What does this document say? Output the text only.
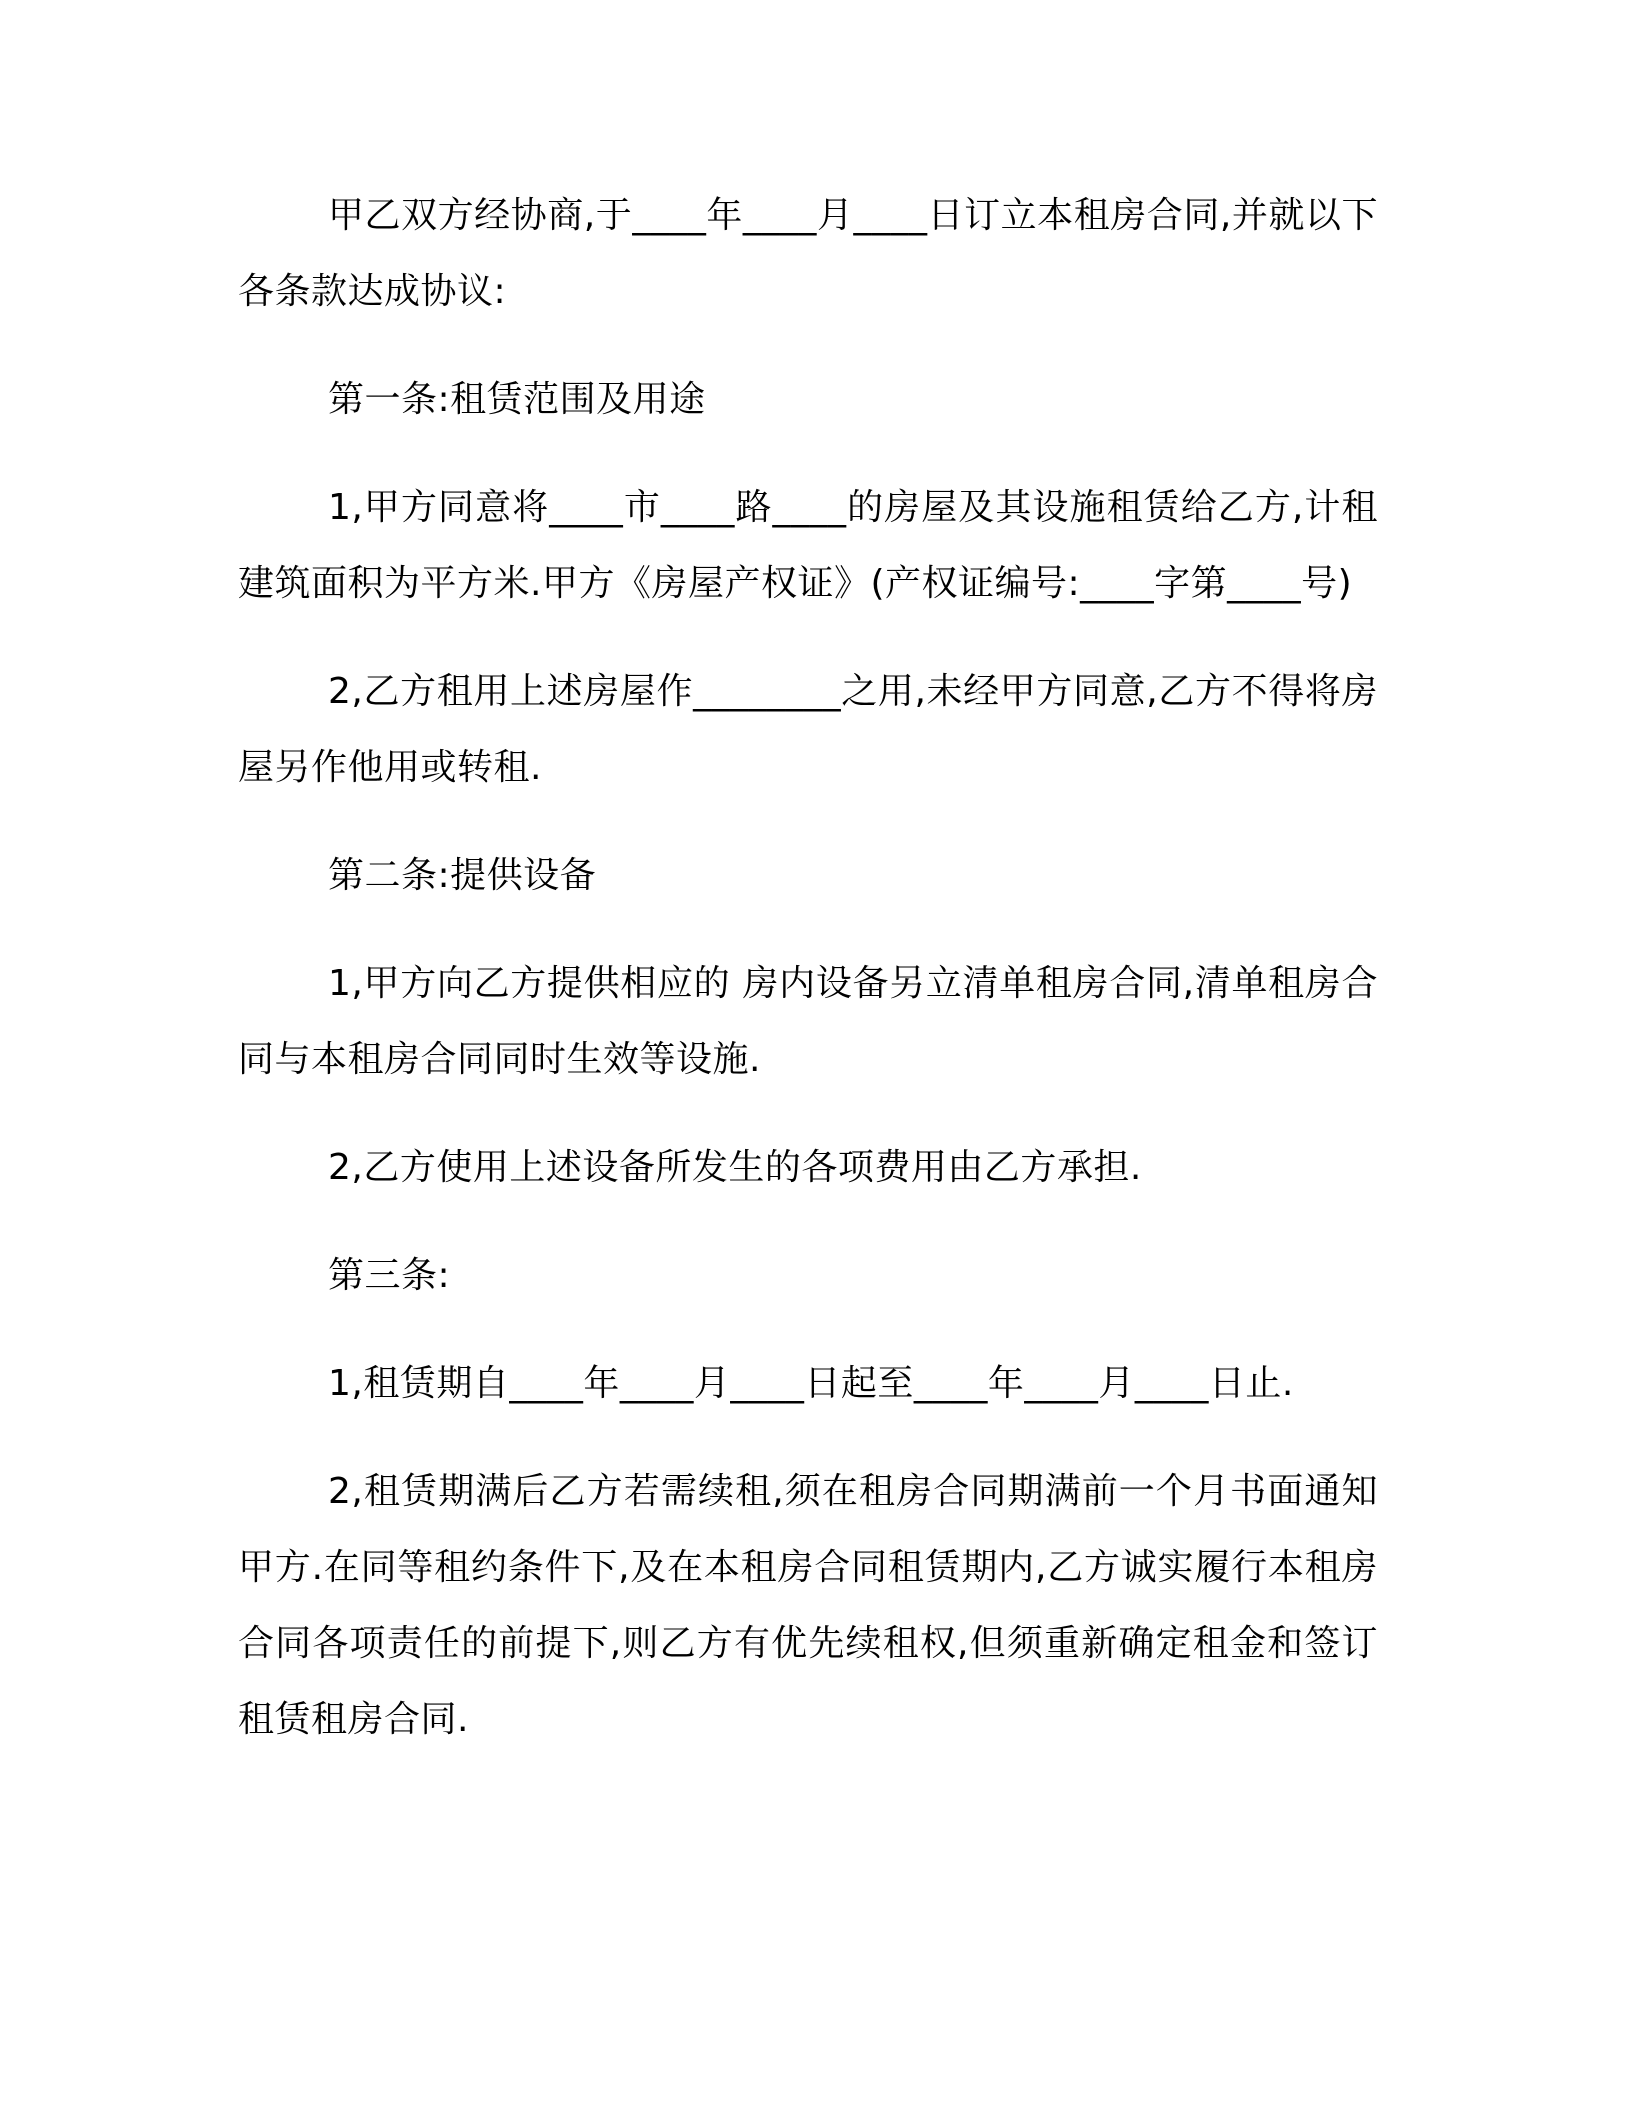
甲乙双方经协商,于____年____月____日订立本租房合同,并就以下各条款达成协议:

第一条:租赁范围及用途

1,甲方同意将____市____路____的房屋及其设施租赁给乙方,计租建筑面积为平方米.甲方《房屋产权证》(产权证编号:____字第____号)

2,乙方租用上述房屋作________之用,未经甲方同意,乙方不得将房屋另作他用或转租.

第二条:提供设备

1,甲方向乙方提供相应的 房内设备另立清单租房合同,清单租房合同与本租房合同同时生效等设施.

2,乙方使用上述设备所发生的各项费用由乙方承担.

第三条:

1,租赁期自____年____月____日起至____年____月____日止.

2,租赁期满后乙方若需续租,须在租房合同期满前一个月书面通知甲方.在同等租约条件下,及在本租房合同租赁期内,乙方诚实履行本租房合同各项责任的前提下,则乙方有优先续租权,但须重新确定租金和签订租赁租房合同.
